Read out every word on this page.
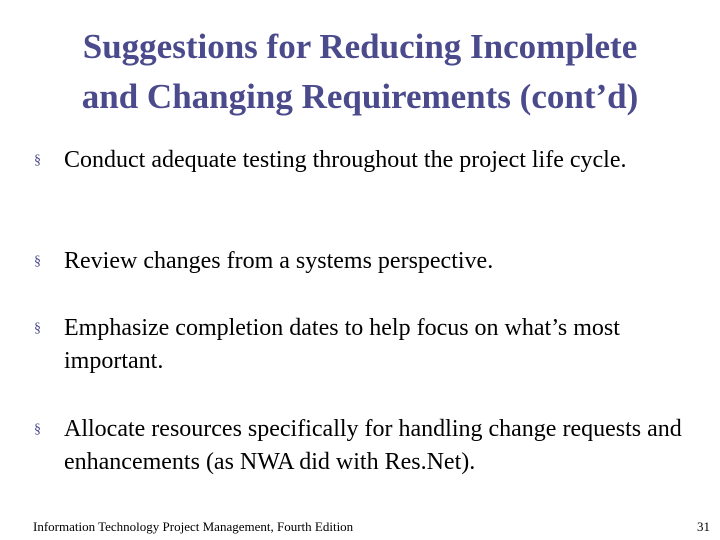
Suggestions for Reducing Incomplete
and Changing Requirements (cont’d)
§ Conduct adequate testing throughout the project life cycle.
§ Review changes from a systems perspective.
§ Emphasize completion dates to help focus on what’s most important.
§ Allocate resources specifically for handling change requests and enhancements (as NWA did with Res.Net).
Information Technology Project Management, Fourth Edition	31
